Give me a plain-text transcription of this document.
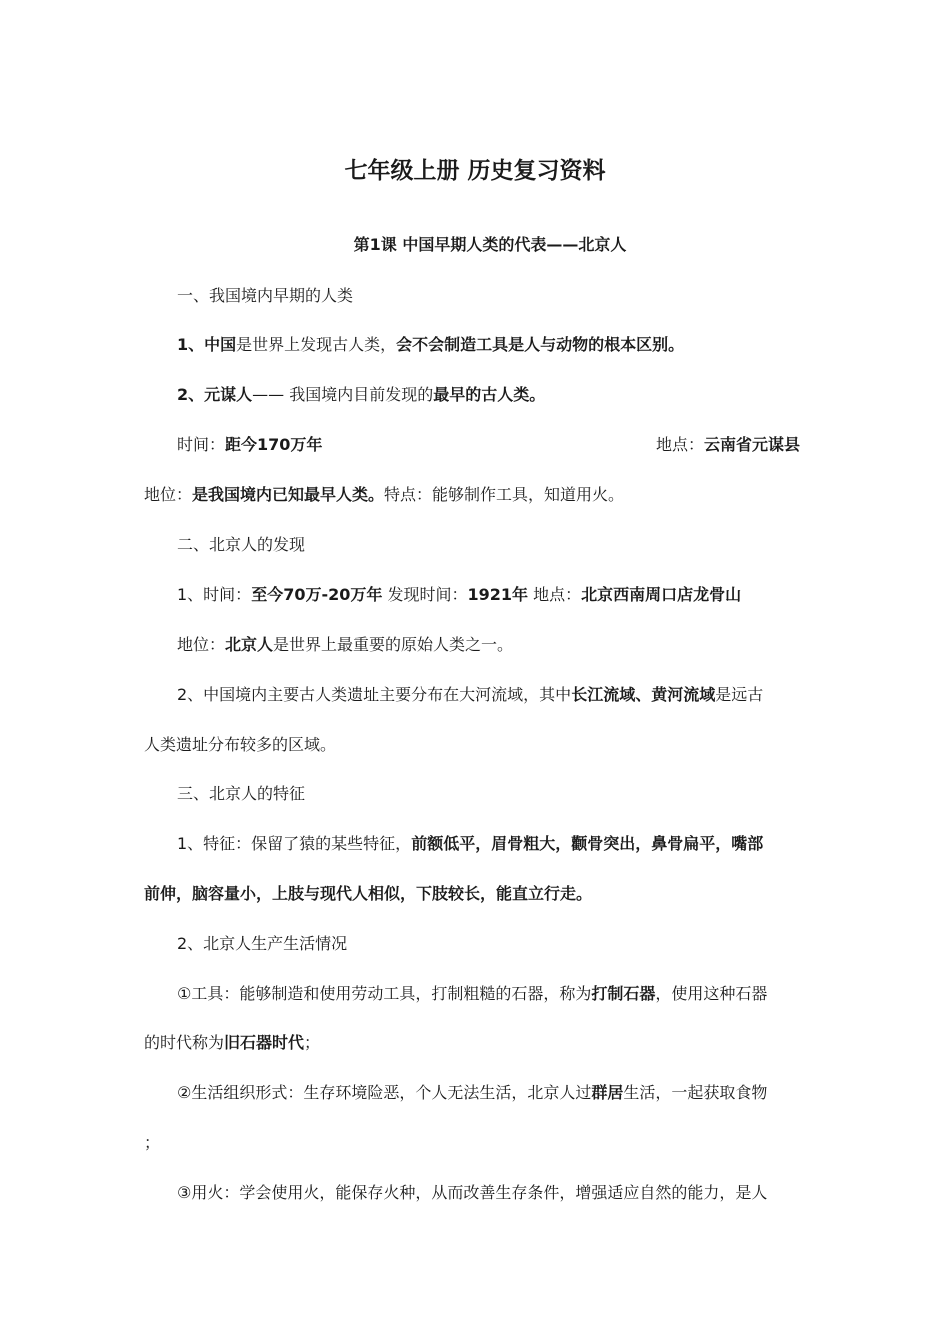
七年级上册 历史复习资料
第1课 中国早期人类的代表——北京人
一、我国境内早期的人类
1、中国是世界上发现古人类，会不会制造工具是人与动物的根本区别。
2、元谋人—— 我国境内目前发现的最早的古人类。
时间：距今170万年	地点：云南省元谋县
地位：是我国境内已知最早人类。特点：能够制作工具，知道用火。
二、北京人的发现
1、时间：至今70万-20万年 发现时间：1921年 地点：北京西南周口店龙骨山
地位：北京人是世界上最重要的原始人类之一。
2、中国境内主要古人类遗址主要分布在大河流域，其中长江流域、黄河流域是远古
人类遗址分布较多的区域。
三、北京人的特征
1、特征：保留了猿的某些特征，前额低平，眉骨粗大，颧骨突出，鼻骨扁平，嘴部
前伸，脑容量小，上肢与现代人相似，下肢较长，能直立行走。
2、北京人生产生活情况
①工具：能够制造和使用劳动工具，打制粗糙的石器，称为打制石器，使用这种石器
的时代称为旧石器时代；
②生活组织形式：生存环境险恶，个人无法生活，北京人过群居生活，一起获取食物
；
③用火：学会使用火，能保存火种，从而改善生存条件，增强适应自然的能力，是人
